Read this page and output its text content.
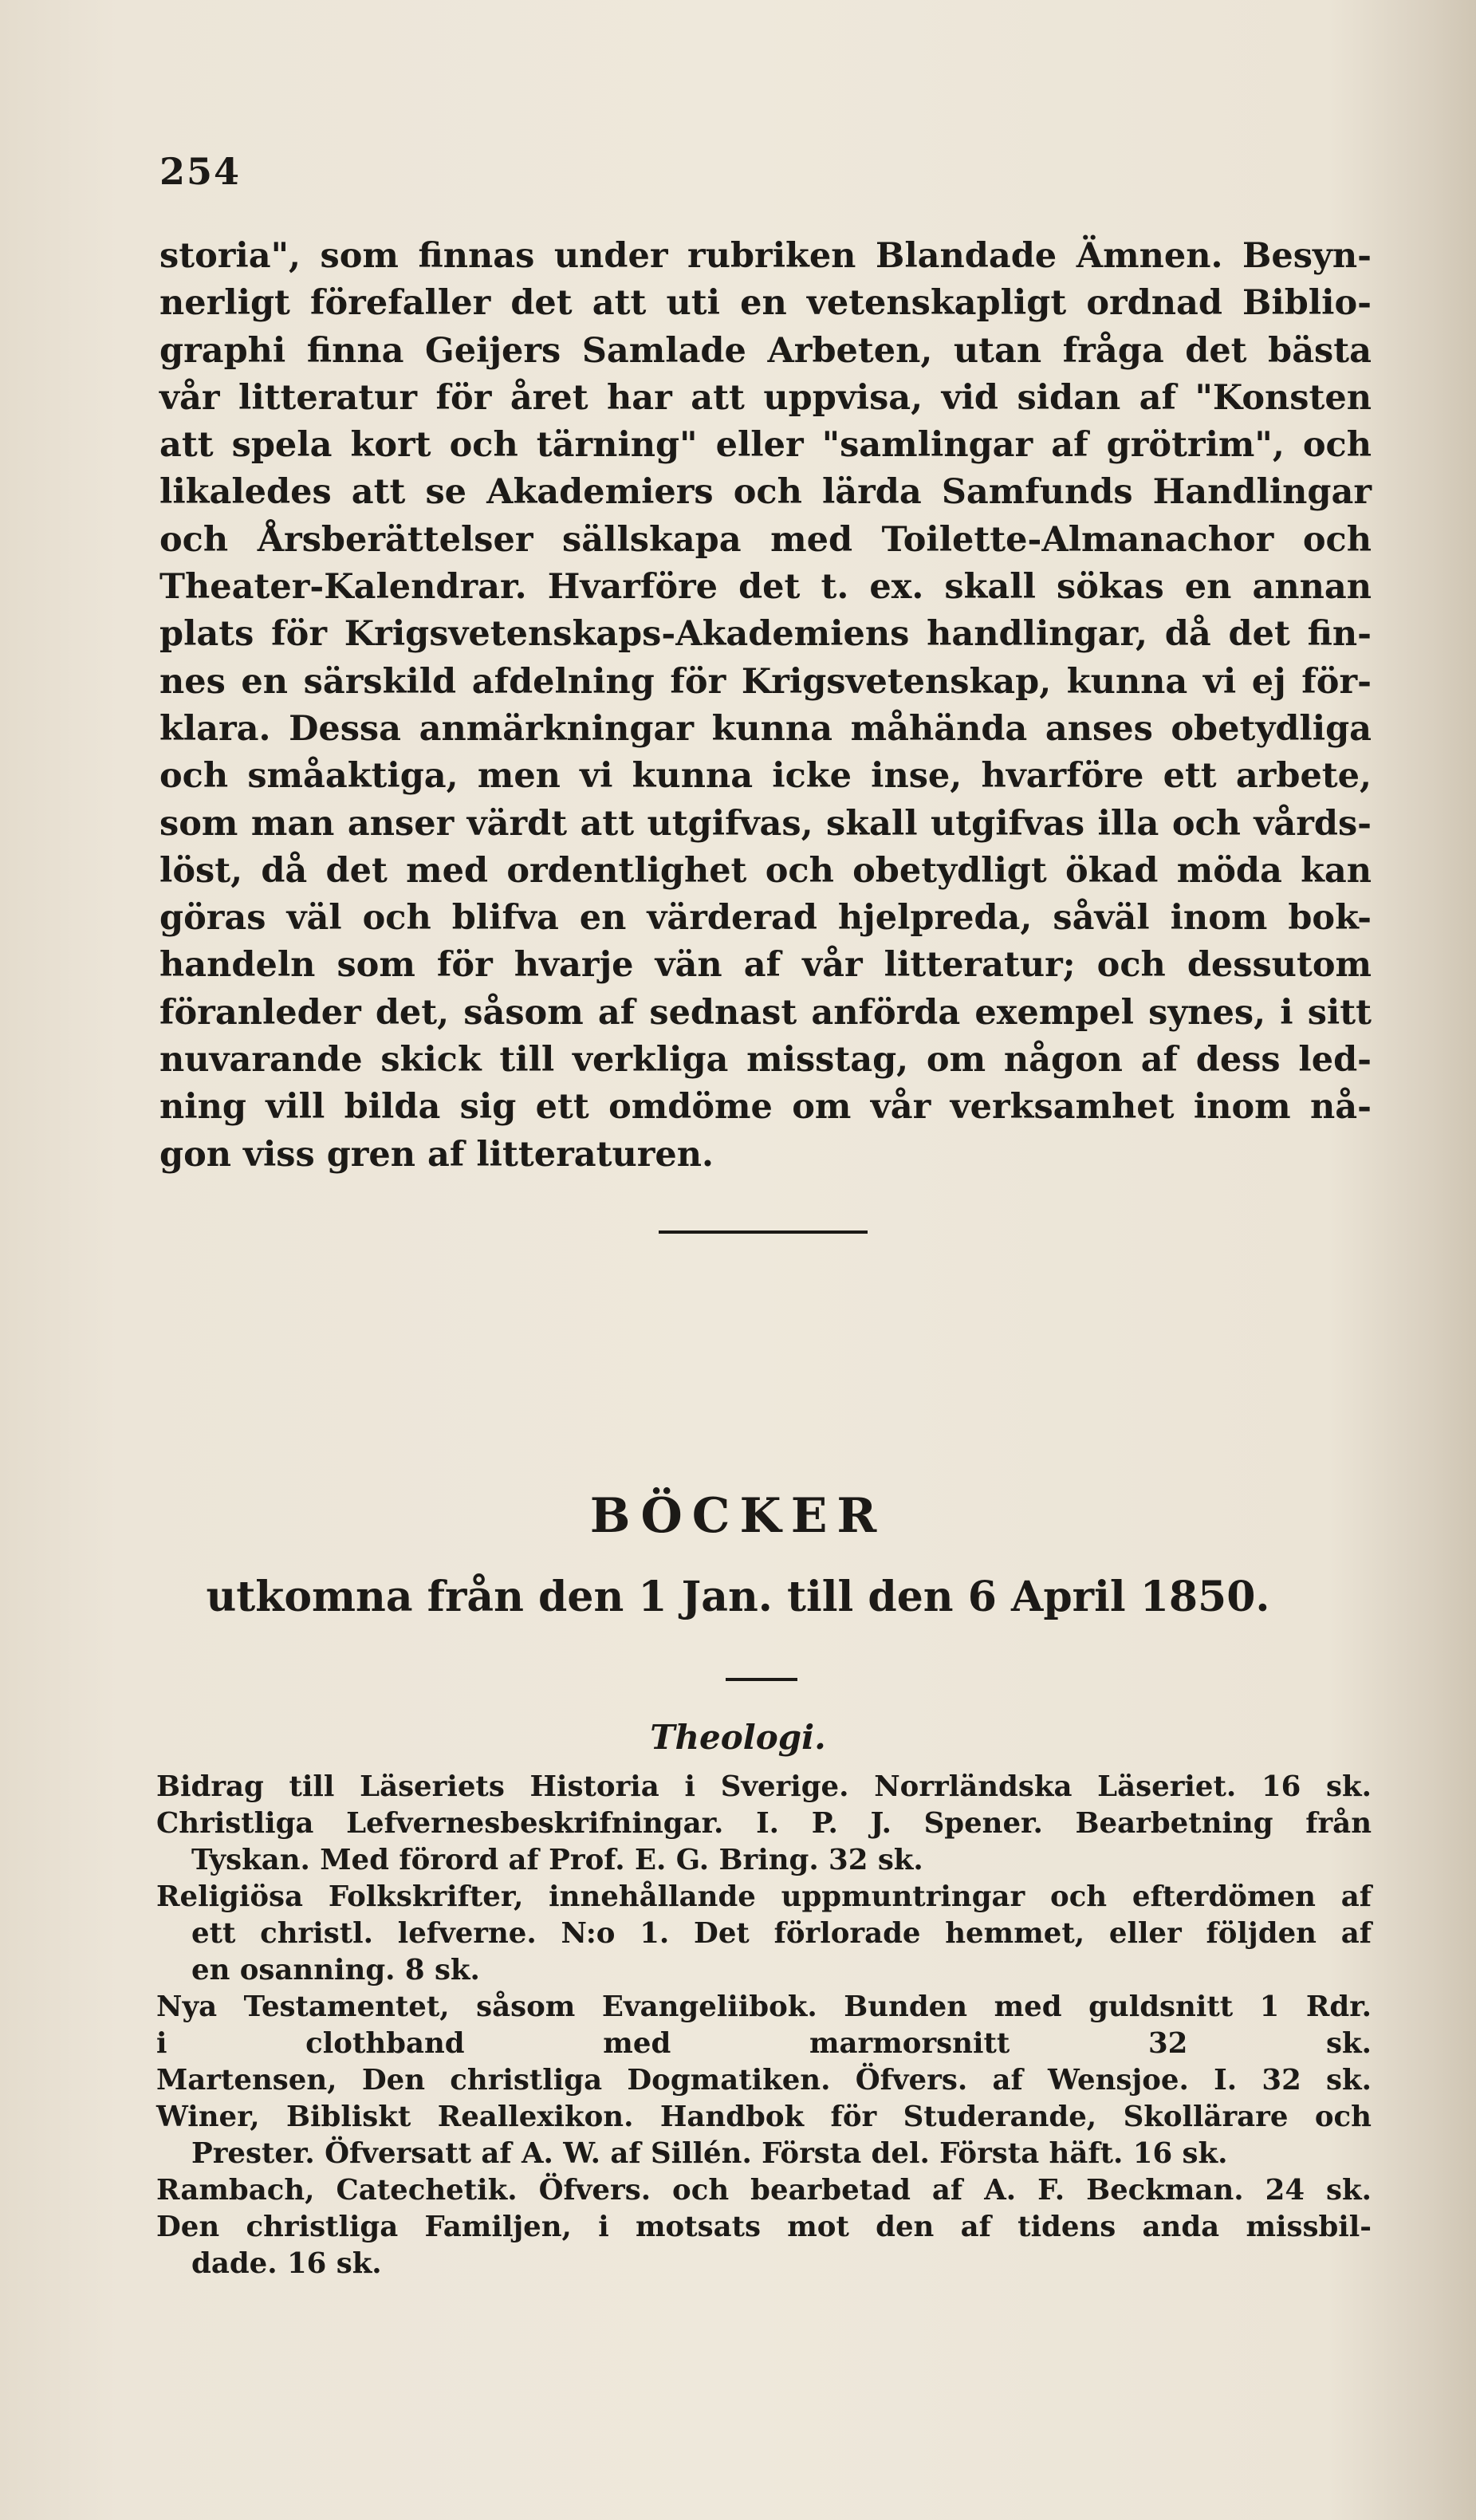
254
storia", som finnas under rubriken Blandade Ämnen. Besyn-
nerligt förefaller det att uti en vetenskapligt ordnad Biblio-
graphi finna Geijers Samlade Arbeten, utan fråga det bästa
vår litteratur för året har att uppvisa, vid sidan af "Konsten
att spela kort och tärning" eller "samlingar af grötrim", och
likaledes att se Akademiers och lärda Samfunds Handlingar
och Årsberättelser sällskapa med Toilette-Almanachor och
Theater-Kalendrar. Hvarföre det t. ex. skall sökas en annan
plats för Krigsvetenskaps-Akademiens handlingar, då det fin-
nes en särskild afdelning för Krigsvetenskap, kunna vi ej för-
klara. Dessa anmärkningar kunna måhända anses obetydliga
och småaktiga, men vi kunna icke inse, hvarföre ett arbete,
som man anser värdt att utgifvas, skall utgifvas illa och vårds-
löst, då det med ordentlighet och obetydligt ökad möda kan
göras väl och blifva en värderad hjelpreda, såväl inom bok-
handeln som för hvarje vän af vår litteratur; och dessutom
föranleder det, såsom af sednast anförda exempel synes, i sitt
nuvarande skick till verkliga misstag, om någon af dess led-
ning vill bilda sig ett omdöme om vår verksamhet inom nå-
gon viss gren af litteraturen.
BÖCKER
utkomna från den 1 Jan. till den 6 April 1850.
Theologi.
Bidrag till Läseriets Historia i Sverige. Norrländska Läseriet. 16 sk.
Christliga Lefvernesbeskrifningar. I. P. J. Spener. Bearbetning från
Tyskan. Med förord af Prof. E. G. Bring. 32 sk.
Religiösa Folkskrifter, innehållande uppmuntringar och efterdömen af
ett christl. lefverne. N:o 1. Det förlorade hemmet, eller följden af
en osanning. 8 sk.
Nya Testamentet, såsom Evangeliibok. Bunden med guldsnitt 1 Rdr.
i clothband med marmorsnitt 32 sk.
Martensen, Den christliga Dogmatiken. Öfvers. af Wensjoe. I. 32 sk.
Winer, Bibliskt Reallexikon. Handbok för Studerande, Skollärare och
Prester. Öfversatt af A. W. af Sillén. Första del. Första häft. 16 sk.
Rambach, Catechetik. Öfvers. och bearbetad af A. F. Beckman. 24 sk.
Den christliga Familjen, i motsats mot den af tidens anda missbil-
dade. 16 sk.
